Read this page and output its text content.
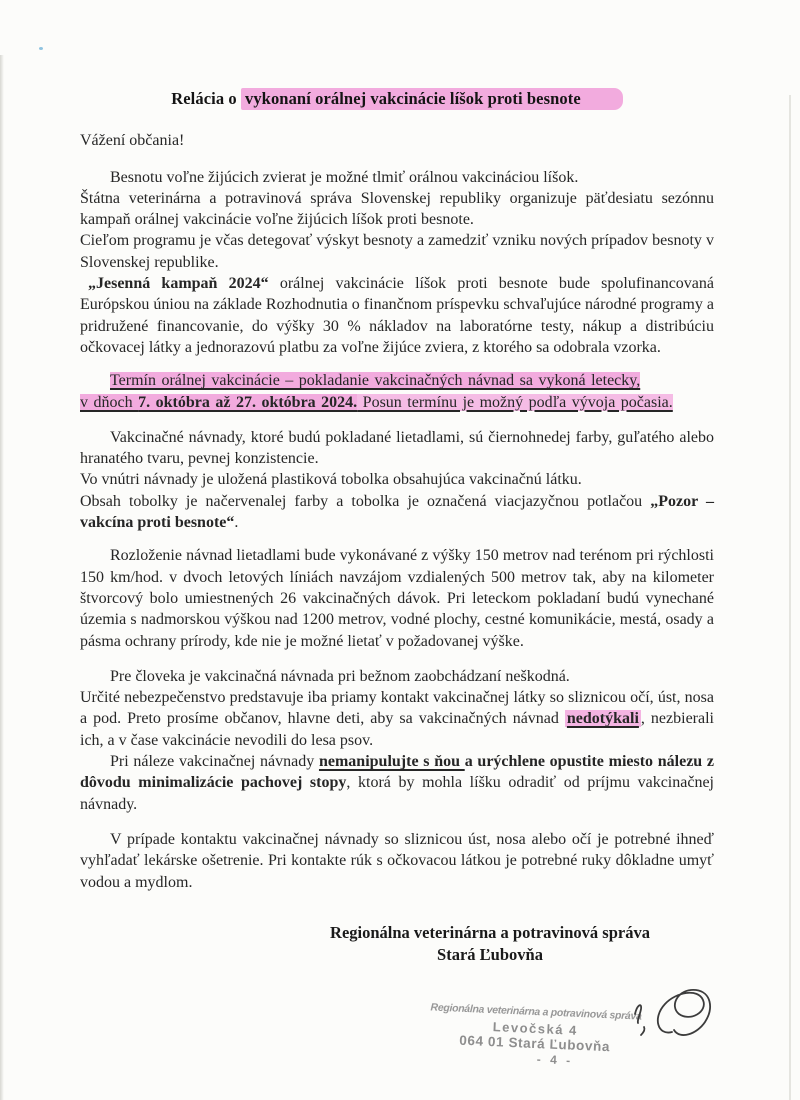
Relácia o vykonaní orálnej vakcinácie líšok proti besnote
Vážení občania!
Besnotu voľne žijúcich zvierat je možné tlmiť orálnou vakcináciou líšok.
Štátna veterinárna a potravinová správa Slovenskej republiky organizuje päťdesiatu sezónnu kampaň orálnej vakcinácie voľne žijúcich líšok proti besnote.
Cieľom programu je včas detegovať výskyt besnoty a zamedziť vzniku nových prípadov besnoty v Slovenskej republike.
„Jesenná kampaň 2024“ orálnej vakcinácie líšok proti besnote bude spolufinancovaná Európskou úniou na základe Rozhodnutia o finančnom príspevku schvaľujúce národné programy a pridružené financovanie, do výšky 30 % nákladov na laboratórne testy, nákup a distribúciu očkovacej látky a jednorazovú platbu za voľne žijúce zviera, z ktorého sa odobrala vzorka.
Termín orálnej vakcinácie – pokladanie vakcinačných návnad sa vykoná letecky,
v dňoch 7. októbra až 27. októbra 2024. Posun termínu je možný podľa vývoja počasia.
Vakcinačné návnady, ktoré budú pokladané lietadlami, sú čiernohnedej farby, guľatého alebo hranatého tvaru, pevnej konzistencie.
Vo vnútri návnady je uložená plastiková tobolka obsahujúca vakcinačnú látku.
Obsah tobolky je načervenalej farby a tobolka je označená viacjazyčnou potlačou „Pozor – vakcína proti besnote“.
Rozloženie návnad lietadlami bude vykonávané z výšky 150 metrov nad terénom pri rýchlosti 150 km/hod. v dvoch letových líniách navzájom vzdialených 500 metrov tak, aby na kilometer štvorcový bolo umiestnených 26 vakcinačných dávok. Pri leteckom pokladaní budú vynechané územia s nadmorskou výškou nad 1200 metrov, vodné plochy, cestné komunikácie, mestá, osady a pásma ochrany prírody, kde nie je možné lietať v požadovanej výške.
Pre človeka je vakcinačná návnada pri bežnom zaobchádzaní neškodná.
Určité nebezpečenstvo predstavuje iba priamy kontakt vakcinačnej látky so sliznicou očí, úst, nosa a pod. Preto prosíme občanov, hlavne deti, aby sa vakcinačných návnad nedotýkali , nezbierali ich, a v čase vakcinácie nevodili do lesa psov.
Pri náleze vakcinačnej návnady nemanipulujte s ňou a urýchlene opustite miesto nálezu z dôvodu minimalizácie pachovej stopy, ktorá by mohla líšku odradiť od príjmu vakcinačnej návnady.
V prípade kontaktu vakcinačnej návnady so sliznicou úst, nosa alebo očí je potrebné ihneď vyhľadať lekárske ošetrenie. Pri kontakte rúk s očkovacou látkou je potrebné ruky dôkladne umyť vodou a mydlom.
Regionálna veterinárna a potravinová správa
Stará Ľubovňa
Regionálna veterinárna a potravinová správa
Levočská 4
064 01 Stará Ľubovňa
- 4 -
